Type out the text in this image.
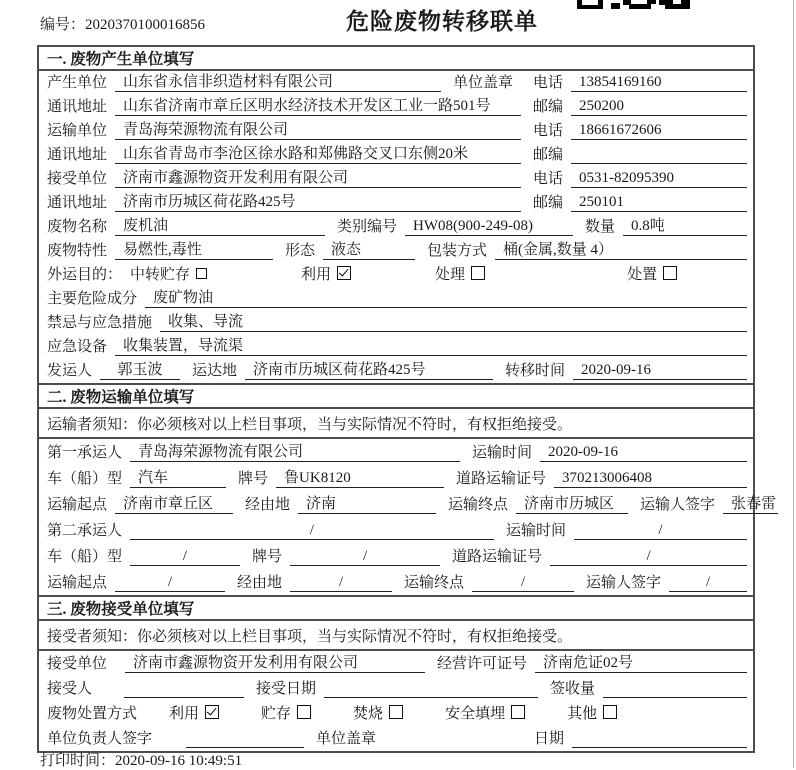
编号：2020370100016856	危险废物转移联单
一. 废物产生单位填写
产生单位	山东省永信非织造材料有限公司	单位盖章 电话	13854169160
通讯地址	山东省济南市章丘区明水经济技术开发区工业一路501号	邮编	250200
运输单位	青岛海荣源物流有限公司	电话	18661672606
通讯地址	山东省青岛市李沧区徐水路和郑佛路交叉口东侧20米	邮编
接受单位	济南市鑫源物资开发利用有限公司	电话	0531-82095390
通讯地址	济南市历城区荷花路425号	邮编	250101
废物名称	废机油	类别编号	HW08(900-249-08)	数量	0.8吨
废物特性	易燃性,毒性	形态	液态	包装方式	桶(金属,数量 4）
外运目的： 中转贮存	利用	处理	处置
主要危险成分	废矿物油
禁忌与应急措施	收集、导流
应急设备	收集装置，导流渠
发运人	郭玉波	运达地	济南市历城区荷花路425号	转移时间	2020-09-16
二. 废物运输单位填写
运输者须知：你必须核对以上栏目事项，当与实际情况不符时，有权拒绝接受。
第一承运人	青岛海荣源物流有限公司	运输时间	2020-09-16
车（船）型	汽车	牌号	鲁UK8120	道路运输证号	370213006408
运输起点	济南市章丘区	经由地	济南	运输终点	济南市历城区	运输人签字	张春雷
第二承运人	/	运输时间	/
车（船）型	/	牌号	/	道路运输证号	/
运输起点	/	经由地	/	运输终点	/	运输人签字	/
三. 废物接受单位填写
接受者须知：你必须核对以上栏目事项，当与实际情况不符时，有权拒绝接受。
接受单位	济南市鑫源物资开发利用有限公司	经营许可证号	济南危证02号
接受人	接受日期	签收量
废物处置方式 利用	贮存	焚烧	安全填埋	其他
单位负责人签字	单位盖章	日期
打印时间：2020-09-16 10:49:51
